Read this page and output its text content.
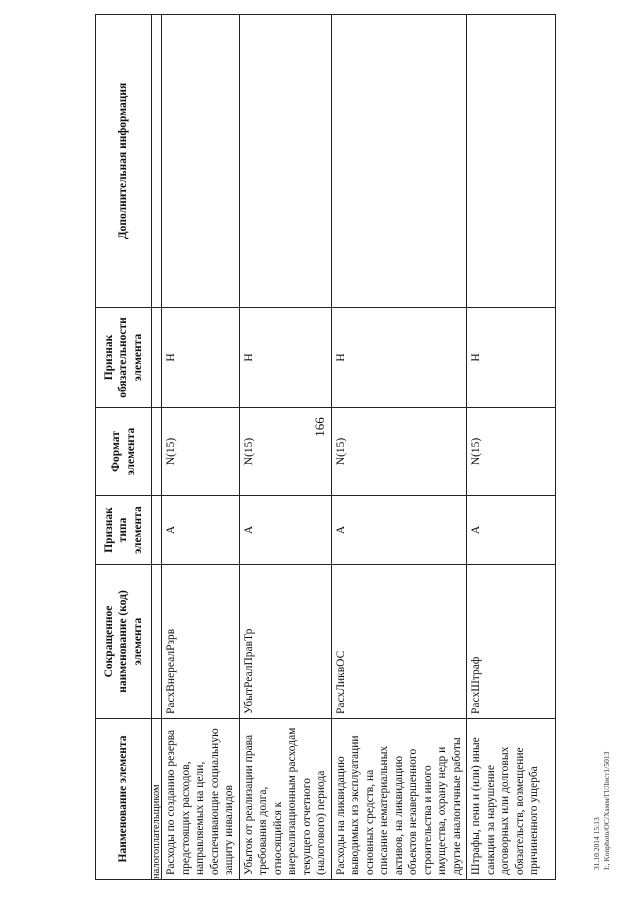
166
31.10.2014 15:13 I:, Konphoto/ОС/Хамм/Гl/Лист1/5013
Наименование элемента	Сокращенное наименование (код) элемента	Признак типа элемента	Формат элемента	Признак обязательности элемента	Дополнительная информация
налогоплательщиком					
Расходы по созданию резерва предстоящих расходов, направляемых на цели, обеспечивающие социальную защиту инвалидов	РасхВнереалРзрв	А	N(15)	Н	
Убыток от реализации права требования долга, относящийся к внереализационным расходам текущего отчетного (налогового) периода	УбытРеалПравТр	А	N(15)	Н	
Расходы на ликвидацию выводимых из эксплуатации основных средств, на списание нематериальных активов, на ликвидацию объектов незавершенного строительства и иного имущества, охрану недр и другие аналогичные работы	РасхЛиквОС	А	N(15)	Н	
Штрафы, пени и (или) иные санкции за нарушение договорных или долговых обязательств, возмещение причиненного ущерба	РасхШтраф	А	N(15)	Н	
